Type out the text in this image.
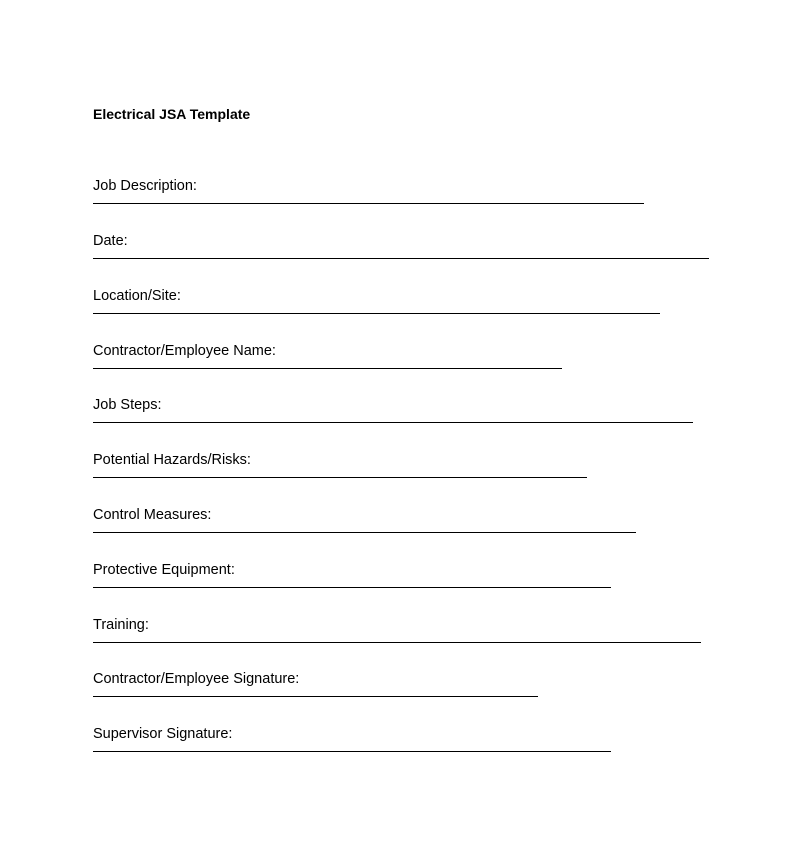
Electrical JSA Template
Job Description:
Date:
Location/Site:
Contractor/Employee Name:
Job Steps:
Potential Hazards/Risks:
Control Measures:
Protective Equipment:
Training:
Contractor/Employee Signature:
Supervisor Signature:
